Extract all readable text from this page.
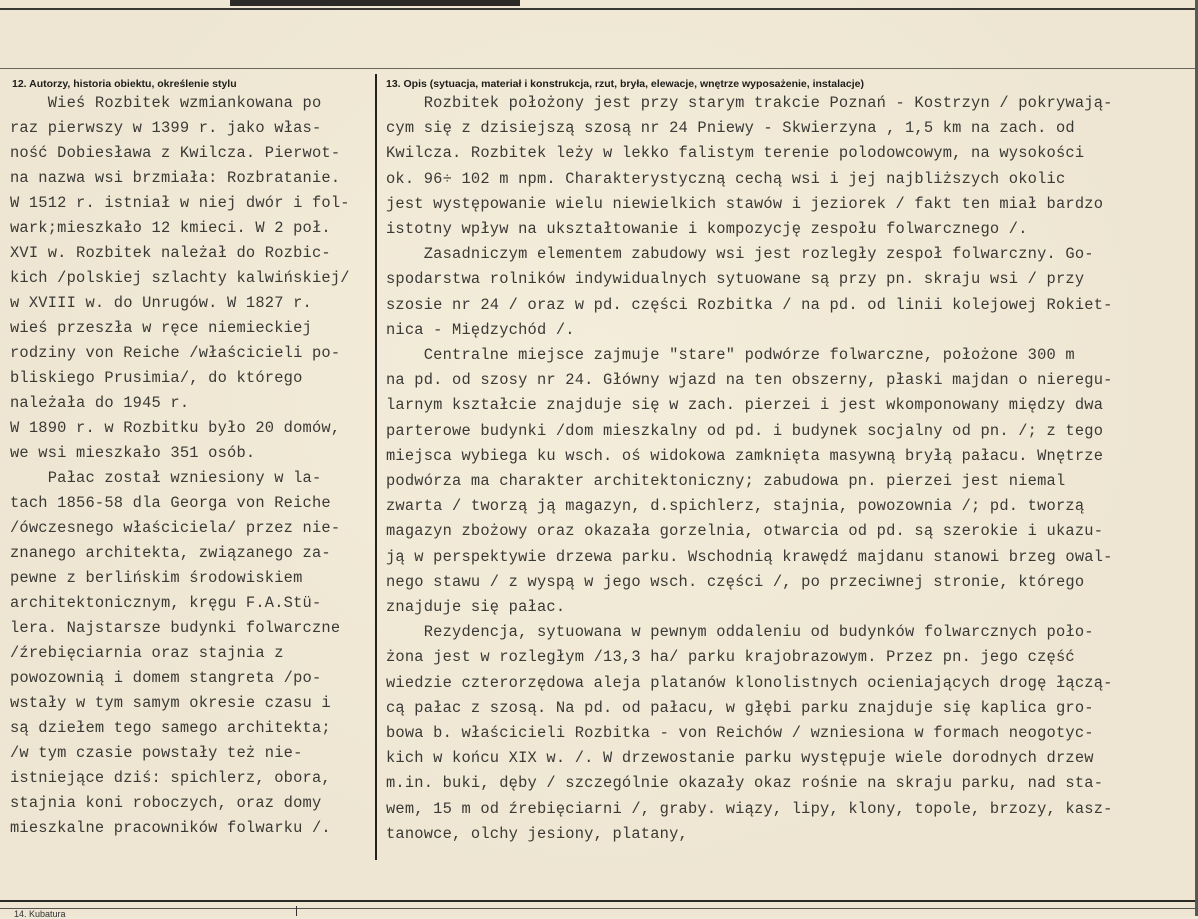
12. Autorzy, historia obiektu, określenie stylu	13. Opis (sytuacja, materiał i konstrukcja, rzut, bryła, elewacje, wnętrze wyposażenie, instalacje)
Wieś Rozbitek wzmiankowana po
raz pierwszy w 1399 r. jako włas-
ność Dobiesława z Kwilcza. Pierwot-
na nazwa wsi brzmiała: Rozbratanie.
W 1512 r. istniał w niej dwór i fol-
wark;mieszkało 12 kmieci. W 2 poł.
XVI w. Rozbitek należał do Rozbic-
kich /polskiej szlachty kalwińskiej/
w XVIII w. do Unrugów. W 1827 r.
wieś przeszła w ręce niemieckiej
rodziny von Reiche /właścicieli po-
bliskiego Prusimia/, do którego
należała do 1945 r.
W 1890 r. w Rozbitku było 20 domów,
we wsi mieszkało 351 osób.
Pałac został wzniesiony w la-
tach 1856-58 dla Georga von Reiche
/ówczesnego właściciela/ przez nie-
znanego architekta, związanego za-
pewne z berlińskim środowiskiem
architektonicznym, kręgu F.A.Stü-
lera. Najstarsze budynki folwarczne
/źrebięciarnia oraz stajnia z
powozownią i domem stangreta /po-
wstały w tym samym okresie czasu i
są dziełem tego samego architekta;
/w tym czasie powstały też nie-
istniejące dziś: spichlerz, obora,
stajnia koni roboczych, oraz domy
mieszkalne pracowników folwarku /.
Rozbitek położony jest przy starym trakcie Poznań - Kostrzyn / pokrywają-
cym się z dzisiejszą szosą nr 24 Pniewy - Skwierzyna , 1,5 km na zach. od
Kwilcza. Rozbitek leży w lekko falistym terenie polodowcowym, na wysokości
ok. 96÷ 102 m npm. Charakterystyczną cechą wsi i jej najbliższych okolic
jest występowanie wielu niewielkich stawów i jeziorek / fakt ten miał bardzo
istotny wpływ na ukształtowanie i kompozycję zespołu folwarcznego /.
Zasadniczym elementem zabudowy wsi jest rozległy zespoł folwarczny. Go-
spodarstwa rolników indywidualnych sytuowane są przy pn. skraju wsi / przy
szosie nr 24 / oraz w pd. części Rozbitka / na pd. od linii kolejowej Rokiet-
nica - Międzychód /.
Centralne miejsce zajmuje "stare" podwórze folwarczne, położone 300 m
na pd. od szosy nr 24. Główny wjazd na ten obszerny, płaski majdan o nieregu-
larnym kształcie znajduje się w zach. pierzei i jest wkomponowany między dwa
parterowe budynki /dom mieszkalny od pd. i budynek socjalny od pn. /; z tego
miejsca wybiega ku wsch. oś widokowa zamknięta masywną bryłą pałacu. Wnętrze
podwórza ma charakter architektoniczny; zabudowa pn. pierzei jest niemal
zwarta / tworzą ją magazyn, d.spichlerz, stajnia, powozownia /; pd. tworzą
magazyn zbożowy oraz okazała gorzelnia, otwarcia od pd. są szerokie i ukazu-
ją w perspektywie drzewa parku. Wschodnią krawędź majdanu stanowi brzeg owal-
nego stawu / z wyspą w jego wsch. części /, po przeciwnej stronie, którego
znajduje się pałac.
Rezydencja, sytuowana w pewnym oddaleniu od budynków folwarcznych poło-
żona jest w rozległym /13,3 ha/ parku krajobrazowym. Przez pn. jego część
wiedzie czterorzędowa aleja platanów klonolistnych ocieniających drogę łączą-
cą pałac z szosą. Na pd. od pałacu, w głębi parku znajduje się kaplica gro-
bowa b. właścicieli Rozbitka - von Reichów / wzniesiona w formach neogotyc-
kich w końcu XIX w. /. W drzewostanie parku występuje wiele dorodnych drzew
m.in. buki, dęby / szczególnie okazały okaz rośnie na skraju parku, nad sta-
wem, 15 m od źrebięciarni /, graby. wiązy, lipy, klony, topole, brzozy, kasz-
tanowce, olchy jesiony, platany,
14. Kubatura
